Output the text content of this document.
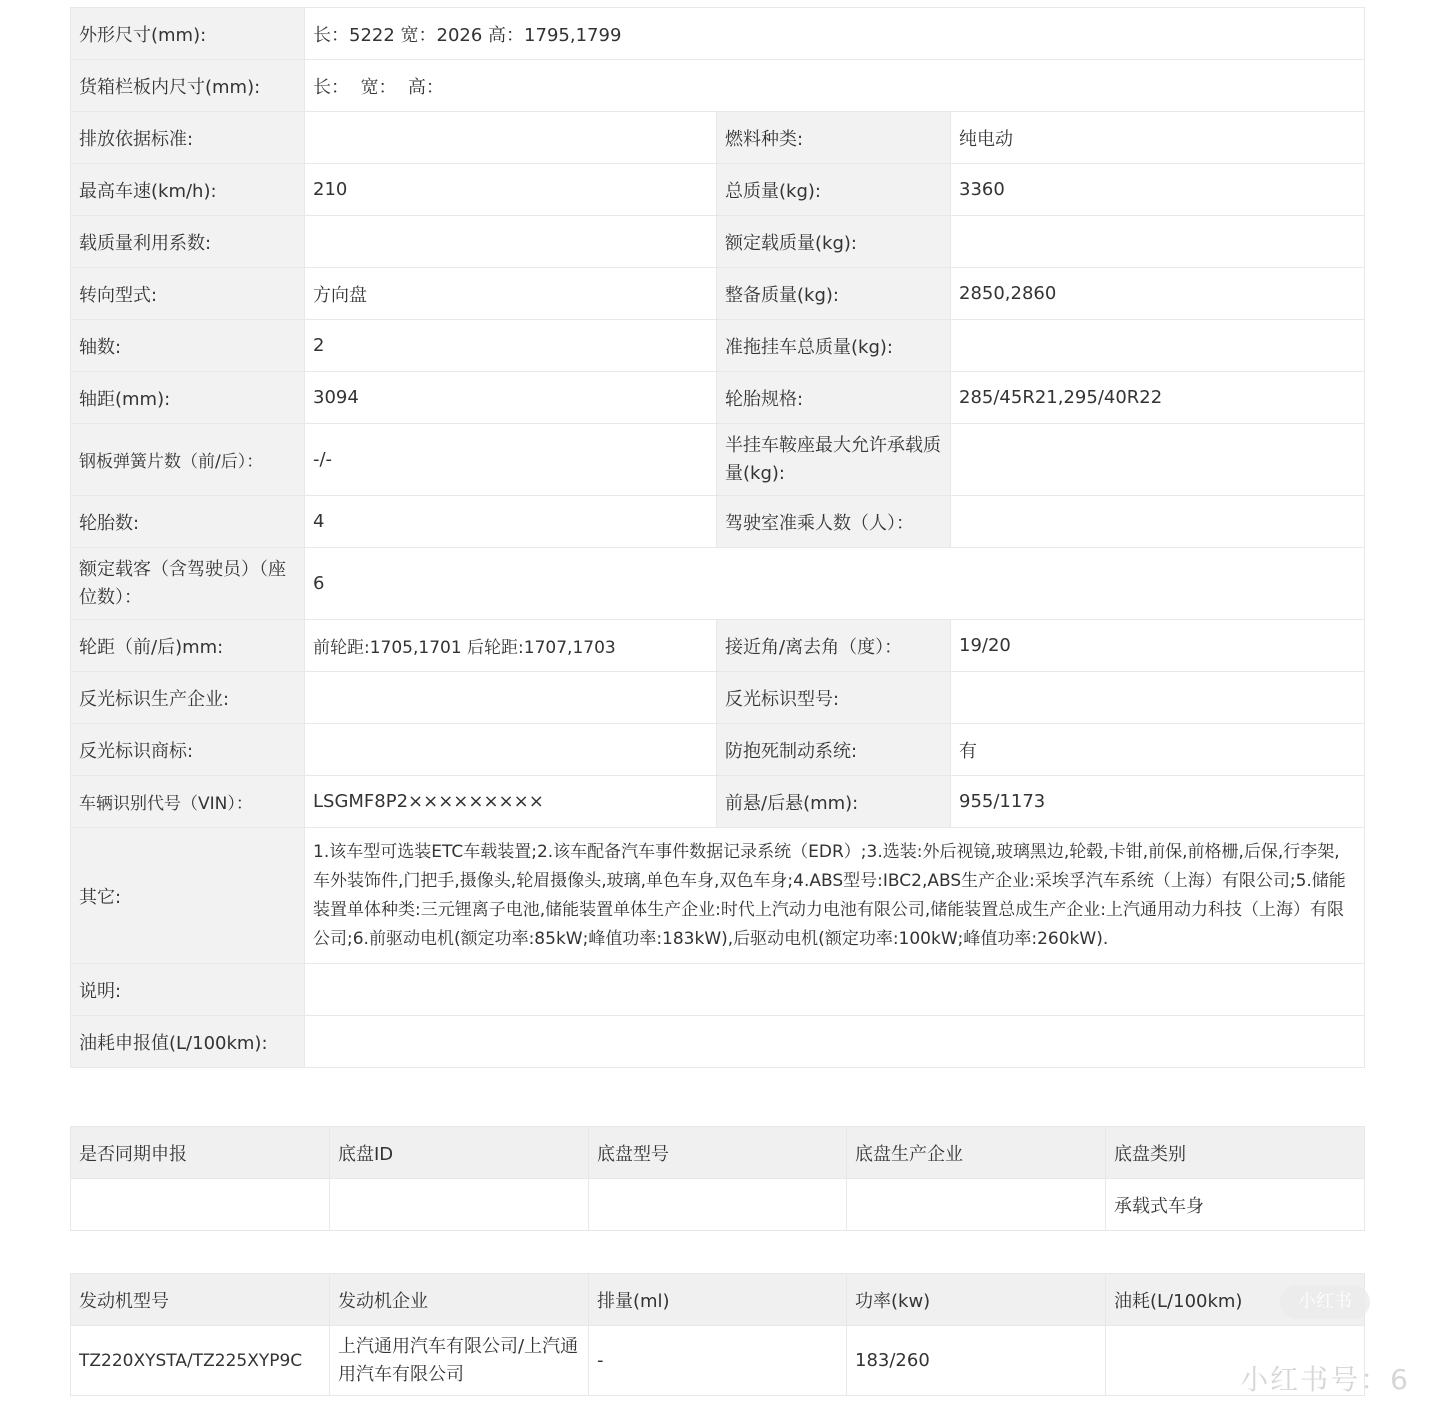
外形尺寸(mm):	长：5222 宽：2026 高：1795,1799		
货箱栏板内尺寸(mm):	长：  宽：  高：		
排放依据标准:		燃料种类:	纯电动
最高车速(km/h):	210	总质量(kg):	3360
载质量利用系数:		额定载质量(kg):	
转向型式:	方向盘	整备质量(kg):	2850,2860
轴数:	2	准拖挂车总质量(kg):	
轴距(mm):	3094	轮胎规格:	285/45R21,295/40R22
钢板弹簧片数（前/后）：	-/-	半挂车鞍座最大允许承载质量(kg):	
轮胎数:	4	驾驶室准乘人数（人）：	
额定载客（含驾驶员）（座位数）：	6		
轮距（前/后)mm:	前轮距:1705,1701 后轮距:1707,1703	接近角/离去角（度）：	19/20
反光标识生产企业:		反光标识型号:	
反光标识商标:		防抱死制动系统:	有
车辆识别代号（VIN）：	LSGMF8P2×××××××××	前悬/后悬(mm):	955/1173
其它:	1.该车型可选装ETC车载装置;2.该车配备汽车事件数据记录系统（EDR）;3.选装:外后视镜,玻璃黑边,轮毂,卡钳,前保,前格栅,后保,行李架,车外装饰件,门把手,摄像头,轮眉摄像头,玻璃,单色车身,双色车身;4.ABS型号:IBC2,ABS生产企业:采埃孚汽车系统（上海）有限公司;5.储能装置单体种类:三元锂离子电池,储能装置单体生产企业:时代上汽动力电池有限公司,储能装置总成生产企业:上汽通用动力科技（上海）有限公司;6.前驱动电机(额定功率:85kW;峰值功率:183kW),后驱动电机(额定功率:100kW;峰值功率:260kW).		
说明:			
油耗申报值(L/100km):			
是否同期申报	底盘ID	底盘型号	底盘生产企业	底盘类别
				承载式车身
发动机型号	发动机企业	排量(ml)	功率(kw)	油耗(L/100km)
TZ220XYSTA/TZ225XYP9C	上汽通用汽车有限公司/上汽通用汽车有限公司	-	183/260	
小红书
小红书号：6
